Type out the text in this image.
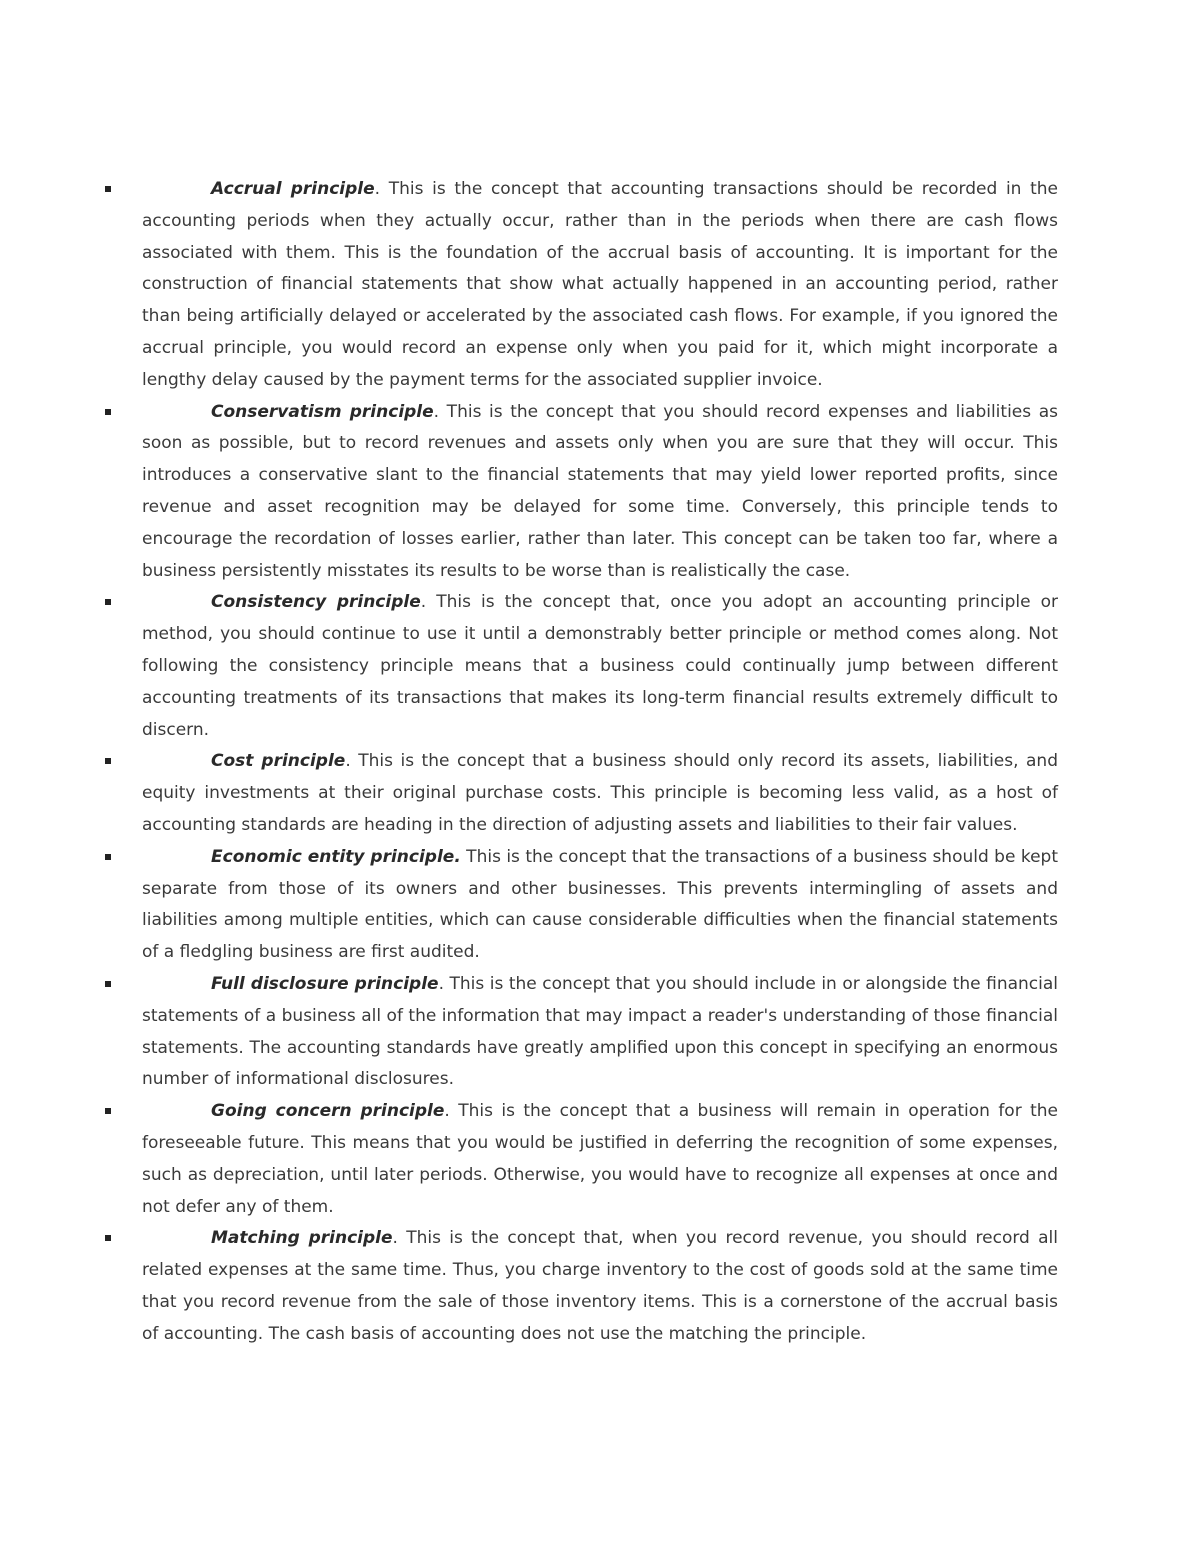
Accrual principle. This is the concept that accounting transactions should be recorded in the accounting periods when they actually occur, rather than in the periods when there are cash flows associated with them. This is the foundation of the accrual basis of accounting. It is important for the construction of financial statements that show what actually happened in an accounting period, rather than being artificially delayed or accelerated by the associated cash flows. For example, if you ignored the accrual principle, you would record an expense only when you paid for it, which might incorporate a lengthy delay caused by the payment terms for the associated supplier invoice.
Conservatism principle. This is the concept that you should record expenses and liabilities as soon as possible, but to record revenues and assets only when you are sure that they will occur. This introduces a conservative slant to the financial statements that may yield lower reported profits, since revenue and asset recognition may be delayed for some time. Conversely, this principle tends to encourage the recordation of losses earlier, rather than later. This concept can be taken too far, where a business persistently misstates its results to be worse than is realistically the case.
Consistency principle. This is the concept that, once you adopt an accounting principle or method, you should continue to use it until a demonstrably better principle or method comes along. Not following the consistency principle means that a business could continually jump between different accounting treatments of its transactions that makes its long-term financial results extremely difficult to discern.
Cost principle. This is the concept that a business should only record its assets, liabilities, and equity investments at their original purchase costs. This principle is becoming less valid, as a host of accounting standards are heading in the direction of adjusting assets and liabilities to their fair values.
Economic entity principle. This is the concept that the transactions of a business should be kept separate from those of its owners and other businesses. This prevents intermingling of assets and liabilities among multiple entities, which can cause considerable difficulties when the financial statements of a fledgling business are first audited.
Full disclosure principle. This is the concept that you should include in or alongside the financial statements of a business all of the information that may impact a reader's understanding of those financial statements. The accounting standards have greatly amplified upon this concept in specifying an enormous number of informational disclosures.
Going concern principle. This is the concept that a business will remain in operation for the foreseeable future. This means that you would be justified in deferring the recognition of some expenses, such as depreciation, until later periods. Otherwise, you would have to recognize all expenses at once and not defer any of them.
Matching principle. This is the concept that, when you record revenue, you should record all related expenses at the same time. Thus, you charge inventory to the cost of goods sold at the same time that you record revenue from the sale of those inventory items. This is a cornerstone of the accrual basis of accounting. The cash basis of accounting does not use the matching the principle.
